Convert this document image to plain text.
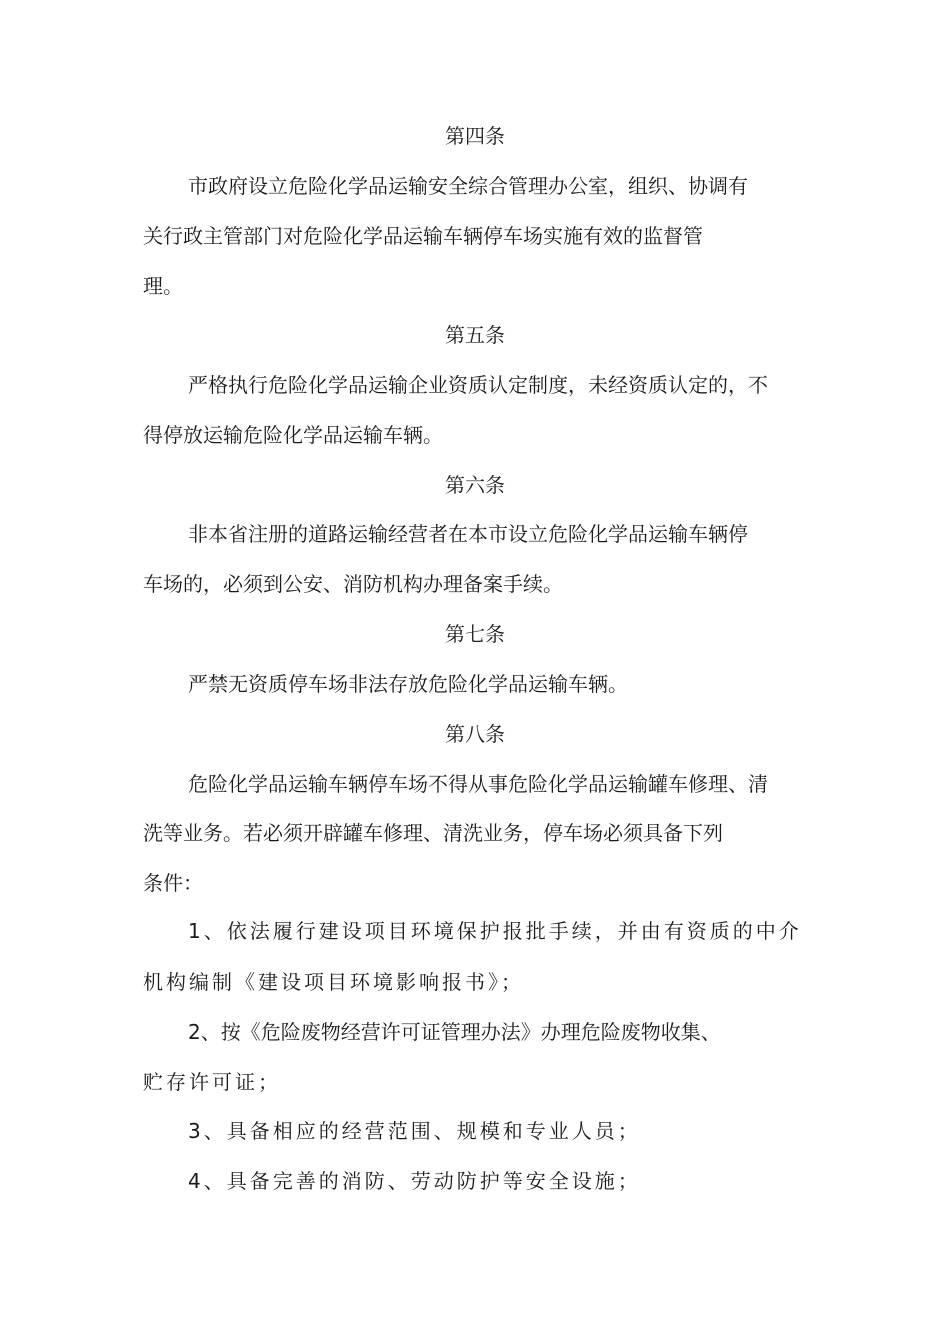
第四条
市政府设立危险化学品运输安全综合管理办公室，组织、协调有
关行政主管部门对危险化学品运输车辆停车场实施有效的监督管
理。
第五条
严格执行危险化学品运输企业资质认定制度，未经资质认定的，不
得停放运输危险化学品运输车辆。
第六条
非本省注册的道路运输经营者在本市设立危险化学品运输车辆停
车场的，必须到公安、消防机构办理备案手续。
第七条
严禁无资质停车场非法存放危险化学品运输车辆。
第八条
危险化学品运输车辆停车场不得从事危险化学品运输罐车修理、清
洗等业务。若必须开辟罐车修理、清洗业务，停车场必须具备下列
条件：
1、依法履行建设项目环境保护报批手续，并由有资质的中介
机构编制《建设项目环境影响报书》；
2、按《危险废物经营许可证管理办法》办理危险废物收集、
贮存许可证；
3、具备相应的经营范围、规模和专业人员；
4、具备完善的消防、劳动防护等安全设施；
